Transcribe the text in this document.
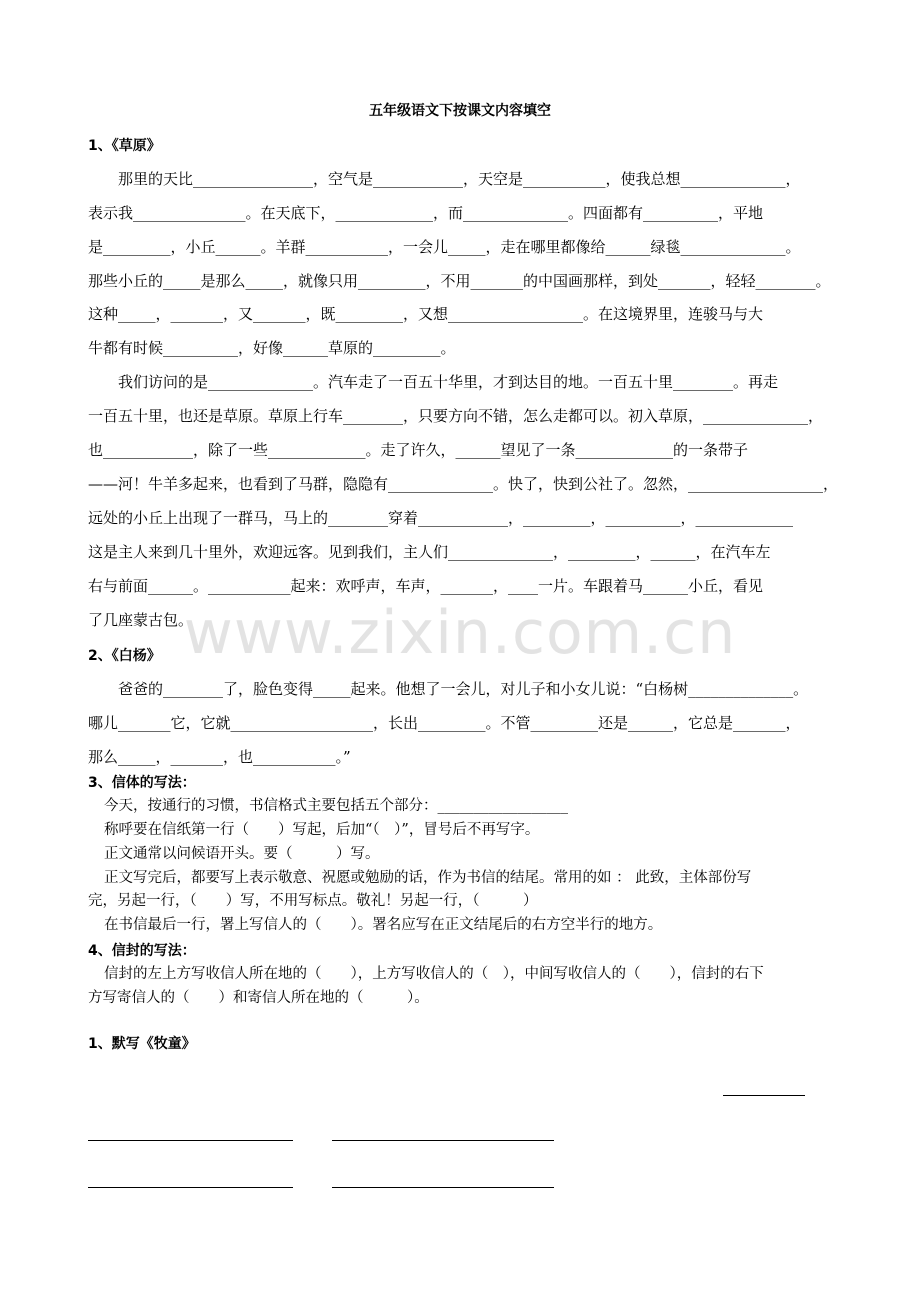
五年级语文下按课文内容填空
1、《草原》
那里的天比________________，空气是____________，天空是___________，使我总想______________，
表示我_______________。在天底下，_____________，而______________。四面都有__________，平地
是_________，小丘______。羊群___________，一会儿_____，走在哪里都像给______绿毯______________。
那些小丘的_____是那么_____，就像只用_________，不用_______的中国画那样，到处_______，轻轻________。
这种_____，_______，又_______，既_________，又想__________________。在这境界里，连骏马与大
牛都有时候__________，好像______草原的_________。
我们访问的是______________。汽车走了一百五十华里，才到达目的地。一百五十里________。再走
一百五十里，也还是草原。草原上行车________，只要方向不错，怎么走都可以。初入草原，______________，
也____________，除了一些_____________。走了许久，______望见了一条_____________的一条带子
——河！牛羊多起来，也看到了马群，隐隐有______________。快了，快到公社了。忽然，__________________，
远处的小丘上出现了一群马，马上的________穿着____________，_________，__________，_____________
这是主人来到几十里外，欢迎远客。见到我们，主人们______________，_________，______，在汽车左
右与前面______。___________起来：欢呼声，车声，_______，____一片。车跟着马______小丘，看见
了几座蒙古包。
www.zixin.com.cn
2、《白杨》
爸爸的________了，脸色变得_____起来。他想了一会儿，对儿子和小女儿说：“白杨树______________。
哪儿_______它，它就___________________，长出_________。不管_________还是______，它总是_______，
那么_____，_______，也___________。”
3、信体的写法：
今天，按通行的习惯，书信格式主要包括五个部分：__________________
称呼要在信纸第一行（　　）写起，后加“（　）”，冒号后不再写字。
正文通常以问候语开头。要（　　　）写。
正文写完后，都要写上表示敬意、祝愿或勉励的话，作为书信的结尾。常用的如 ： 此致，主体部份写
完，另起一行，（　　）写，不用写标点。敬礼！另起一行，（　　　）
在书信最后一行，署上写信人的（　　）。署名应写在正文结尾后的右方空半行的地方。
4、信封的写法：
信封的左上方写收信人所在地的（　　），上方写收信人的（　），中间写收信人的（　　），信封的右下
方写寄信人的（　　）和寄信人所在地的（　　　）。
1、默写《牧童》
